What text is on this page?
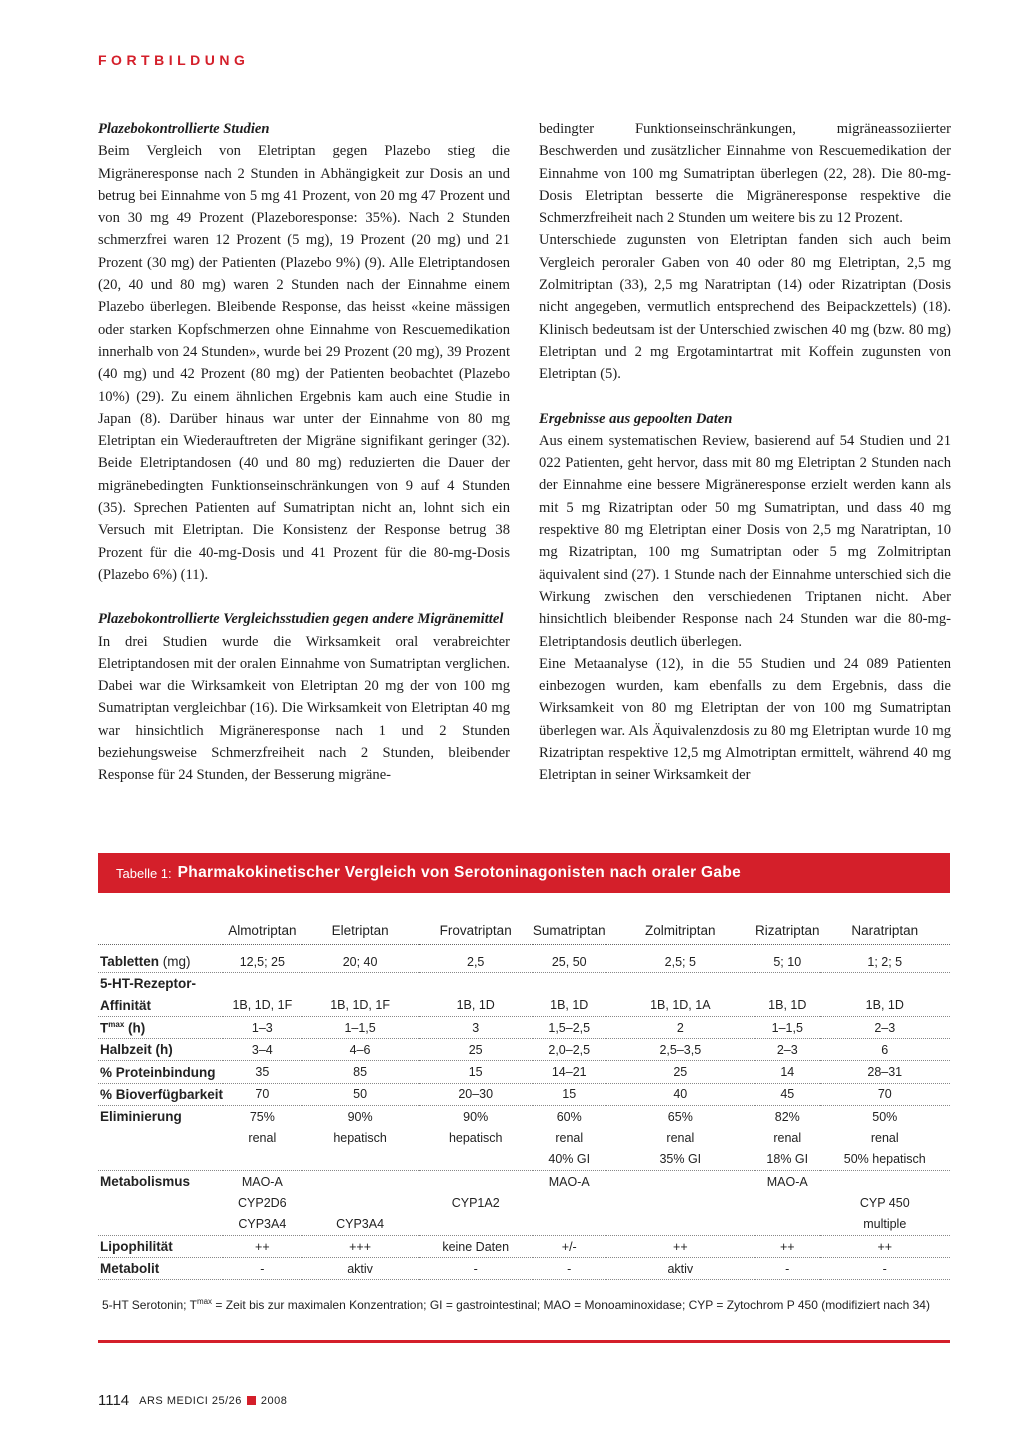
FORTBILDUNG
Plazebokontrollierte Studien

Beim Vergleich von Eletriptan gegen Plazebo stieg die Migräneresponse nach 2 Stunden in Abhängigkeit zur Dosis an und betrug bei Einnahme von 5 mg 41 Prozent, von 20 mg 47 Prozent und von 30 mg 49 Prozent (Plazeboresponse: 35%). Nach 2 Stunden schmerzfrei waren 12 Prozent (5 mg), 19 Prozent (20 mg) und 21 Prozent (30 mg) der Patienten (Plazebo 9%) (9). Alle Eletriptandosen (20, 40 und 80 mg) waren 2 Stunden nach der Einnahme einem Plazebo überlegen. Bleibende Response, das heisst «keine mässigen oder starken Kopfschmerzen ohne Einnahme von Rescuemedikation innerhalb von 24 Stunden», wurde bei 29 Prozent (20 mg), 39 Prozent (40 mg) und 42 Prozent (80 mg) der Patienten beobachtet (Plazebo 10%) (29). Zu einem ähnlichen Ergebnis kam auch eine Studie in Japan (8). Darüber hinaus war unter der Einnahme von 80 mg Eletriptan ein Wiederauftreten der Migräne signifikant geringer (32). Beide Eletriptandosen (40 und 80 mg) reduzierten die Dauer der migränebedingten Funktionseinschränkungen von 9 auf 4 Stunden (35). Sprechen Patienten auf Sumatriptan nicht an, lohnt sich ein Versuch mit Eletriptan. Die Konsistenz der Response betrug 38 Prozent für die 40-mg-Dosis und 41 Prozent für die 80-mg-Dosis (Plazebo 6%) (11).

Plazebokontrollierte Vergleichsstudien gegen andere Migränemittel

In drei Studien wurde die Wirksamkeit oral verabreichter Eletriptandosen mit der oralen Einnahme von Sumatriptan verglichen. Dabei war die Wirksamkeit von Eletriptan 20 mg der von 100 mg Sumatriptan vergleichbar (16). Die Wirksamkeit von Eletriptan 40 mg war hinsichtlich Migräneresponse nach 1 und 2 Stunden beziehungsweise Schmerzfreiheit nach 2 Stunden, bleibender Response für 24 Stunden, der Besserung migräne-

bedingter Funktionseinschränkungen, migräneassoziierter Beschwerden und zusätzlicher Einnahme von Rescuemedikation der Einnahme von 100 mg Sumatriptan überlegen (22, 28). Die 80-mg-Dosis Eletriptan besserte die Migräneresponse respektive die Schmerzfreiheit nach 2 Stunden um weitere bis zu 12 Prozent.

Unterschiede zugunsten von Eletriptan fanden sich auch beim Vergleich peroraler Gaben von 40 oder 80 mg Eletriptan, 2,5 mg Zolmitriptan (33), 2,5 mg Naratriptan (14) oder Rizatriptan (Dosis nicht angegeben, vermutlich entsprechend des Beipackzettels) (18). Klinisch bedeutsam ist der Unterschied zwischen 40 mg (bzw. 80 mg) Eletriptan und 2 mg Ergotamintartrat mit Koffein zugunsten von Eletriptan (5).

Ergebnisse aus gepoolten Daten

Aus einem systematischen Review, basierend auf 54 Studien und 21 022 Patienten, geht hervor, dass mit 80 mg Eletriptan 2 Stunden nach der Einnahme eine bessere Migräneresponse erzielt werden kann als mit 5 mg Rizatriptan oder 50 mg Sumatriptan, und dass 40 mg respektive 80 mg Eletriptan einer Dosis von 2,5 mg Naratriptan, 10 mg Rizatriptan, 100 mg Sumatriptan oder 5 mg Zolmitriptan äquivalent sind (27). 1 Stunde nach der Einnahme unterschied sich die Wirkung zwischen den verschiedenen Triptanen nicht. Aber hinsichtlich bleibender Response nach 24 Stunden war die 80-mg-Eletriptandosis deutlich überlegen.

Eine Metaanalyse (12), in die 55 Studien und 24 089 Patienten einbezogen wurden, kam ebenfalls zu dem Ergebnis, dass die Wirksamkeit von 80 mg Eletriptan der von 100 mg Sumatriptan überlegen war. Als Äquivalenzdosis zu 80 mg Eletriptan wurde 10 mg Rizatriptan respektive 12,5 mg Almotriptan ermittelt, während 40 mg Eletriptan in seiner Wirksamkeit der

Tabelle 1: Pharmakokinetischer Vergleich von Serotoninagonisten nach oraler Gabe
	Almotriptan	Eletriptan	Frovatriptan	Sumatriptan	Zolmitriptan	Rizatriptan	Naratriptan
Tabletten (mg)	12,5; 25	20; 40	2,5	25, 50	2,5; 5	5; 10	1; 2; 5
5-HT-Rezeptor-							
Affinität	1B, 1D, 1F	1B, 1D, 1F	1B, 1D	1B, 1D	1B, 1D, 1A	1B, 1D	1B, 1D
$T^{max}$ (h)	1–3	1–1,5	3	1,5–2,5	2	1–1,5	2–3
Halbzeit (h)	3–4	4–6	25	2,0–2,5	2,5–3,5	2–3	6
% Proteinbindung	35	85	15	14–21	25	14	28–31
% Bioverfügbarkeit	70	50	20–30	15	40	45	70
Eliminierung	75%	90%	90%	60%	65%	82%	50%
	renal	hepatisch	hepatisch	renal	renal	renal	renal
				40% GI	35% GI	18% GI	50% hepatisch
Metabolismus	MAO-A			MAO-A		MAO-A	
	CYP2D6		CYP1A2				CYP 450
	CYP3A4	CYP3A4					multiple
Lipophilität	++	+++	keine Daten	+/-	++	++	++
Metabolit	-	aktiv	-	-	aktiv	-	-
5-HT Serotonin; $T^{max}$ = Zeit bis zur maximalen Konzentration; GI = gastrointestinal; MAO = Monoaminoxidase; CYP = Zytochrom P 450 (modifiziert nach 34)
1114 ARS MEDICI 25/26 2008
